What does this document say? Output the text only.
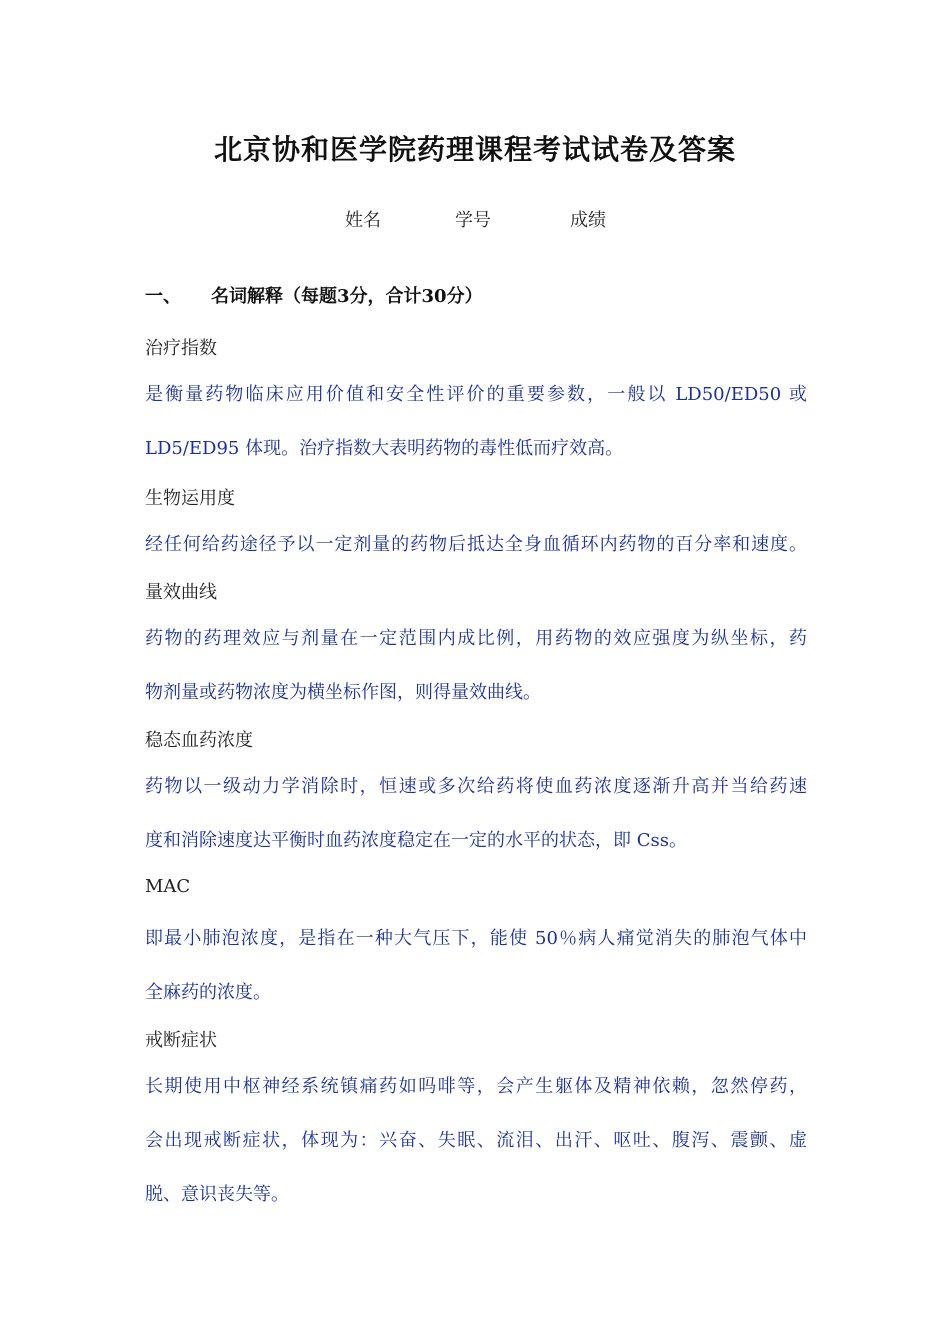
北京协和医学院药理课程考试试卷及答案
姓名	学号	成绩
一、 名词解释（每题3分，合计30分）
治疗指数
是衡量药物临床应用价值和安全性评价的重要参数，一般以 LD50/ED50 或
LD5/ED95 体现。治疗指数大表明药物的毒性低而疗效高。
生物运用度
经任何给药途径予以一定剂量的药物后抵达全身血循环内药物的百分率和速度。
量效曲线
药物的药理效应与剂量在一定范围内成比例，用药物的效应强度为纵坐标，药
物剂量或药物浓度为横坐标作图，则得量效曲线。
稳态血药浓度
药物以一级动力学消除时，恒速或多次给药将使血药浓度逐渐升高并当给药速
度和消除速度达平衡时血药浓度稳定在一定的水平的状态，即 Css。
MAC
即最小肺泡浓度，是指在一种大气压下，能使 50％病人痛觉消失的肺泡气体中
全麻药的浓度。
戒断症状
长期使用中枢神经系统镇痛药如吗啡等，会产生躯体及精神依赖，忽然停药，
会出现戒断症状，体现为：兴奋、失眠、流泪、出汗、呕吐、腹泻、震颤、虚
脱、意识丧失等。
